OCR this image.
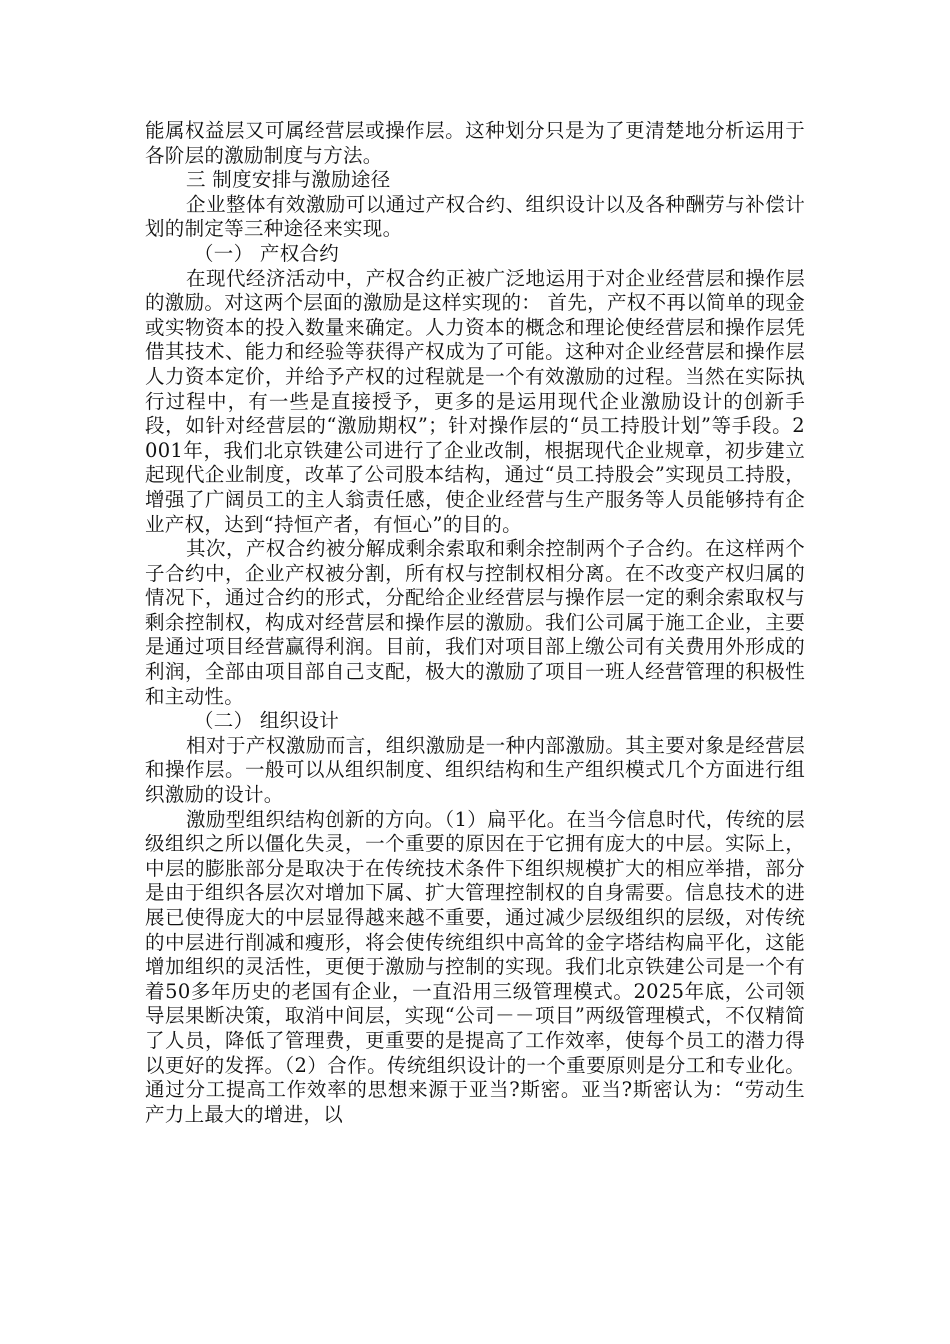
能属权益层又可属经营层或操作层。这种划分只是为了更清楚地分析运用于各阶层的激励制度与方法。

三 制度安排与激励途径

企业整体有效激励可以通过产权合约、组织设计以及各种酬劳与补偿计划的制定等三种途径来实现。

（一） 产权合约

在现代经济活动中，产权合约正被广泛地运用于对企业经营层和操作层的激励。对这两个层面的激励是这样实现的： 首先，产权不再以简单的现金或实物资本的投入数量来确定。人力资本的概念和理论使经营层和操作层凭借其技术、能力和经验等获得产权成为了可能。这种对企业经营层和操作层人力资本定价，并给予产权的过程就是一个有效激励的过程。当然在实际执行过程中，有一些是直接授予，更多的是运用现代企业激励设计的创新手段，如针对经营层的“激励期权”；针对操作层的“员工持股计划”等手段。2001年，我们北京铁建公司进行了企业改制，根据现代企业规章，初步建立起现代企业制度，改革了公司股本结构，通过“员工持股会”实现员工持股，增强了广阔员工的主人翁责任感，使企业经营与生产服务等人员能够持有企业产权，达到“持恒产者，有恒心”的目的。

其次，产权合约被分解成剩余索取和剩余控制两个子合约。在这样两个子合约中，企业产权被分割，所有权与控制权相分离。在不改变产权归属的情况下，通过合约的形式，分配给企业经营层与操作层一定的剩余索取权与剩余控制权，构成对经营层和操作层的激励。我们公司属于施工企业，主要是通过项目经营赢得利润。目前，我们对项目部上缴公司有关费用外形成的利润，全部由项目部自己支配，极大的激励了项目一班人经营管理的积极性和主动性。

（二） 组织设计

相对于产权激励而言，组织激励是一种内部激励。其主要对象是经营层和操作层。一般可以从组织制度、组织结构和生产组织模式几个方面进行组织激励的设计。

激励型组织结构创新的方向。（1）扁平化。在当今信息时代，传统的层级组织之所以僵化失灵，一个重要的原因在于它拥有庞大的中层。实际上，中层的膨胀部分是取决于在传统技术条件下组织规模扩大的相应举措，部分是由于组织各层次对增加下属、扩大管理控制权的自身需要。信息技术的进展已使得庞大的中层显得越来越不重要，通过减少层级组织的层级，对传统的中层进行削减和瘦形，将会使传统组织中高耸的金字塔结构扁平化，这能增加组织的灵活性，更便于激励与控制的实现。我们北京铁建公司是一个有着50多年历史的老国有企业，一直沿用三级管理模式。2025年底，公司领导层果断决策，取消中间层，实现“公司－－项目”两级管理模式，不仅精简了人员，降低了管理费，更重要的是提高了工作效率，使每个员工的潜力得以更好的发挥。（2）合作。传统组织设计的一个重要原则是分工和专业化。通过分工提高工作效率的思想来源于亚当?斯密。亚当?斯密认为：“劳动生产力上最大的增进，以
